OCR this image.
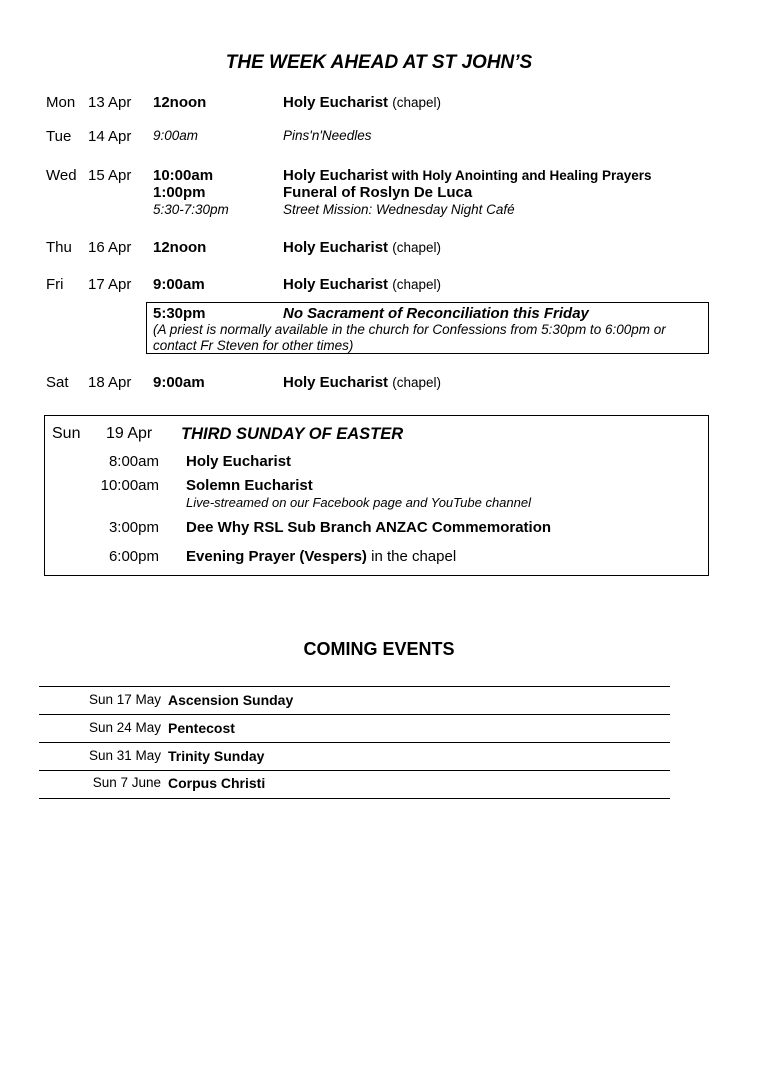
THE WEEK AHEAD AT ST JOHN’S
Mon 13 Apr 12noon	Holy Eucharist (chapel)
Tue 14 Apr 9:00am	Pins'n'Needles
Wed 15 Apr 10:00am	Holy Eucharist with Holy Anointing and Healing Prayers
1:00pm	Funeral of Roslyn De Luca
5:30-7:30pm	Street Mission: Wednesday Night Café
Thu 16 Apr 12noon	Holy Eucharist (chapel)
Fri 17 Apr 9:00am	Holy Eucharist (chapel)
5:30pm	No Sacrament of Reconciliation this Friday
(A priest is normally available in the church for Confessions from 5:30pm to 6:00pm or contact Fr Steven for other times)
Sat 18 Apr 9:00am	Holy Eucharist (chapel)
Sun 19 Apr THIRD SUNDAY OF EASTER
8:00am Holy Eucharist
10:00am Solemn Eucharist
Live-streamed on our Facebook page and YouTube channel
3:00pm Dee Why RSL Sub Branch ANZAC Commemoration
6:00pm Evening Prayer (Vespers) in the chapel
COMING EVENTS
Sun 17 May Ascension Sunday
Sun 24 May Pentecost
Sun 31 May Trinity Sunday
Sun 7 June Corpus Christi
